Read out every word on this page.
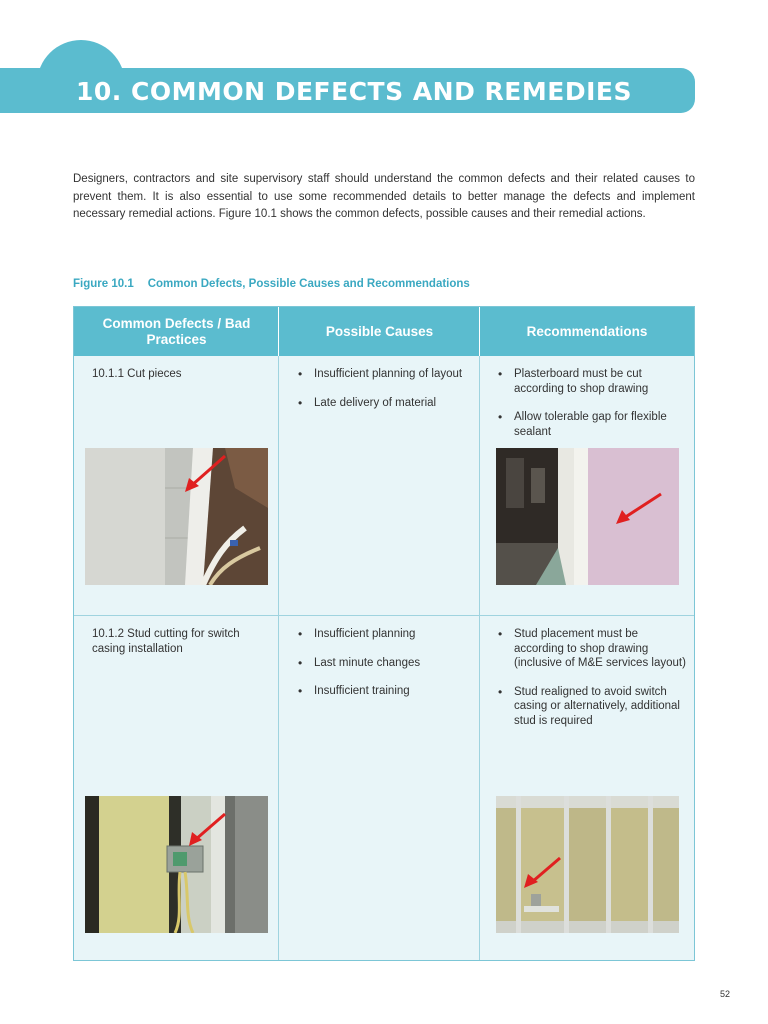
10. COMMON DEFECTS AND REMEDIES

Designers, contractors and site supervisory staff should understand the common defects and their related causes to prevent them. It is also essential to use some recommended details to better manage the defects and implement necessary remedial actions. Figure 10.1 shows the common defects, possible causes and their remedial actions.

Figure 10.1 Common Defects, Possible Causes and Recommendations
Common Defects / Bad Practices
Possible Causes	Recommendations
10.1.1 Cut pieces
•	Insufficient planning of layout
• Late delivery of material
• Plasterboard must be cut according to shop drawing
• Allow tolerable gap for flexible sealant
10.1.2 Stud cutting for switch casing installation
• Insufficient planning
• Last minute changes
• Insufficient training
• Stud placement must be according to shop drawing (inclusive of M&E services layout)
• Stud realigned to avoid switch casing or alternatively, additional stud is required
52
